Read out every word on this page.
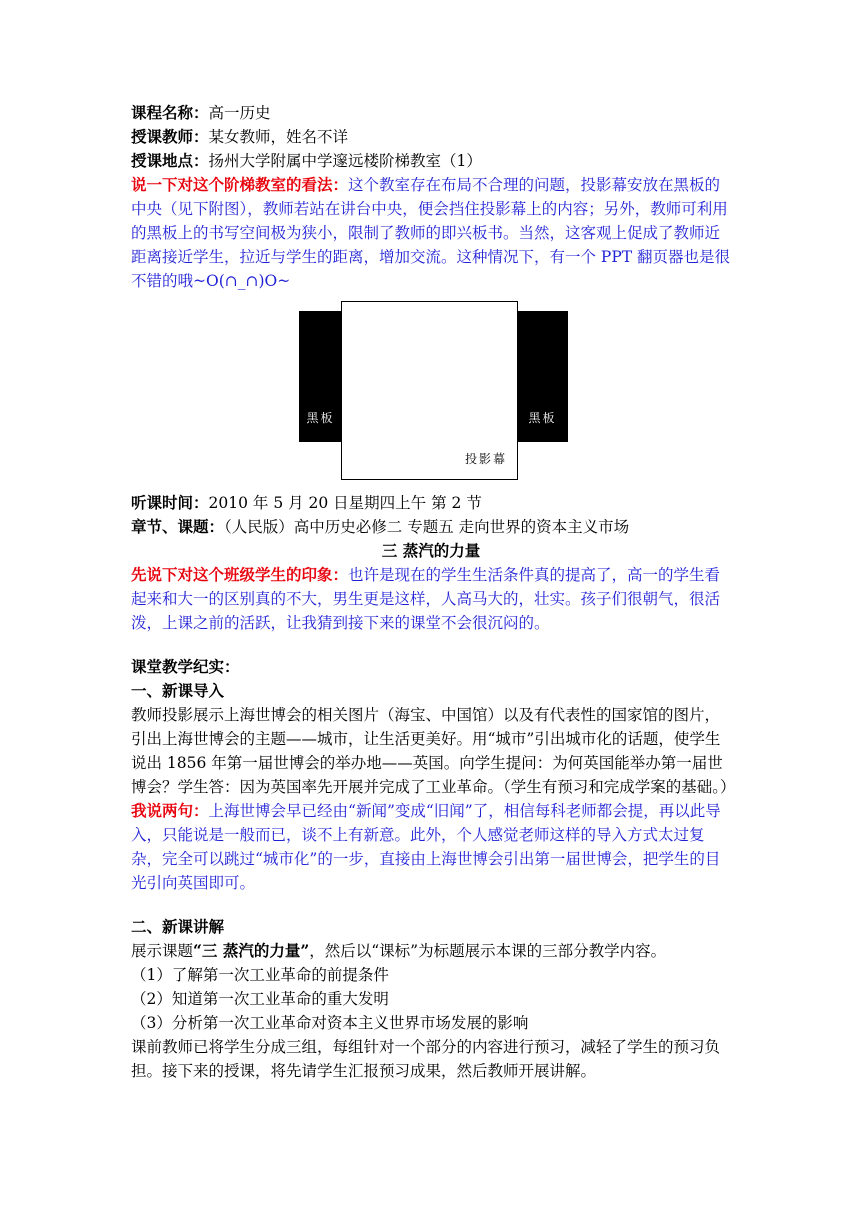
课程名称：高一历史
授课教师：某女教师，姓名不详
授课地点：扬州大学附属中学邃远楼阶梯教室（1）
说一下对这个阶梯教室的看法：这个教室存在布局不合理的问题，投影幕安放在黑板的中央（见下附图），教师若站在讲台中央，便会挡住投影幕上的内容；另外，教师可利用的黑板上的书写空间极为狭小，限制了教师的即兴板书。当然，这客观上促成了教师近距离接近学生，拉近与学生的距离，增加交流。这种情况下，有一个 PPT 翻页器也是很不错的哦~O(∩_∩)O~
黑板	黑板
投影幕
听课时间：2010 年 5 月 20 日星期四上午 第 2 节
章节、课题：（人民版）高中历史必修二 专题五 走向世界的资本主义市场
三 蒸汽的力量
先说下对这个班级学生的印象：也许是现在的学生生活条件真的提高了，高一的学生看起来和大一的区别真的不大，男生更是这样，人高马大的，壮实。孩子们很朝气，很活泼，上课之前的活跃，让我猜到接下来的课堂不会很沉闷的。
课堂教学纪实：
一、新课导入
教师投影展示上海世博会的相关图片（海宝、中国馆）以及有代表性的国家馆的图片，引出上海世博会的主题——城市，让生活更美好。用“城市”引出城市化的话题，使学生说出 1856 年第一届世博会的举办地——英国。向学生提问：为何英国能举办第一届世博会？学生答：因为英国率先开展并完成了工业革命。（学生有预习和完成学案的基础。）
我说两句：上海世博会早已经由“新闻”变成“旧闻”了，相信每科老师都会提，再以此导入，只能说是一般而已，谈不上有新意。此外，个人感觉老师这样的导入方式太过复杂，完全可以跳过“城市化”的一步，直接由上海世博会引出第一届世博会，把学生的目光引向英国即可。
二、新课讲解
展示课题“三 蒸汽的力量”，然后以“课标”为标题展示本课的三部分教学内容。
（1）了解第一次工业革命的前提条件
（2）知道第一次工业革命的重大发明
（3）分析第一次工业革命对资本主义世界市场发展的影响
课前教师已将学生分成三组，每组针对一个部分的内容进行预习，减轻了学生的预习负担。接下来的授课，将先请学生汇报预习成果，然后教师开展讲解。
